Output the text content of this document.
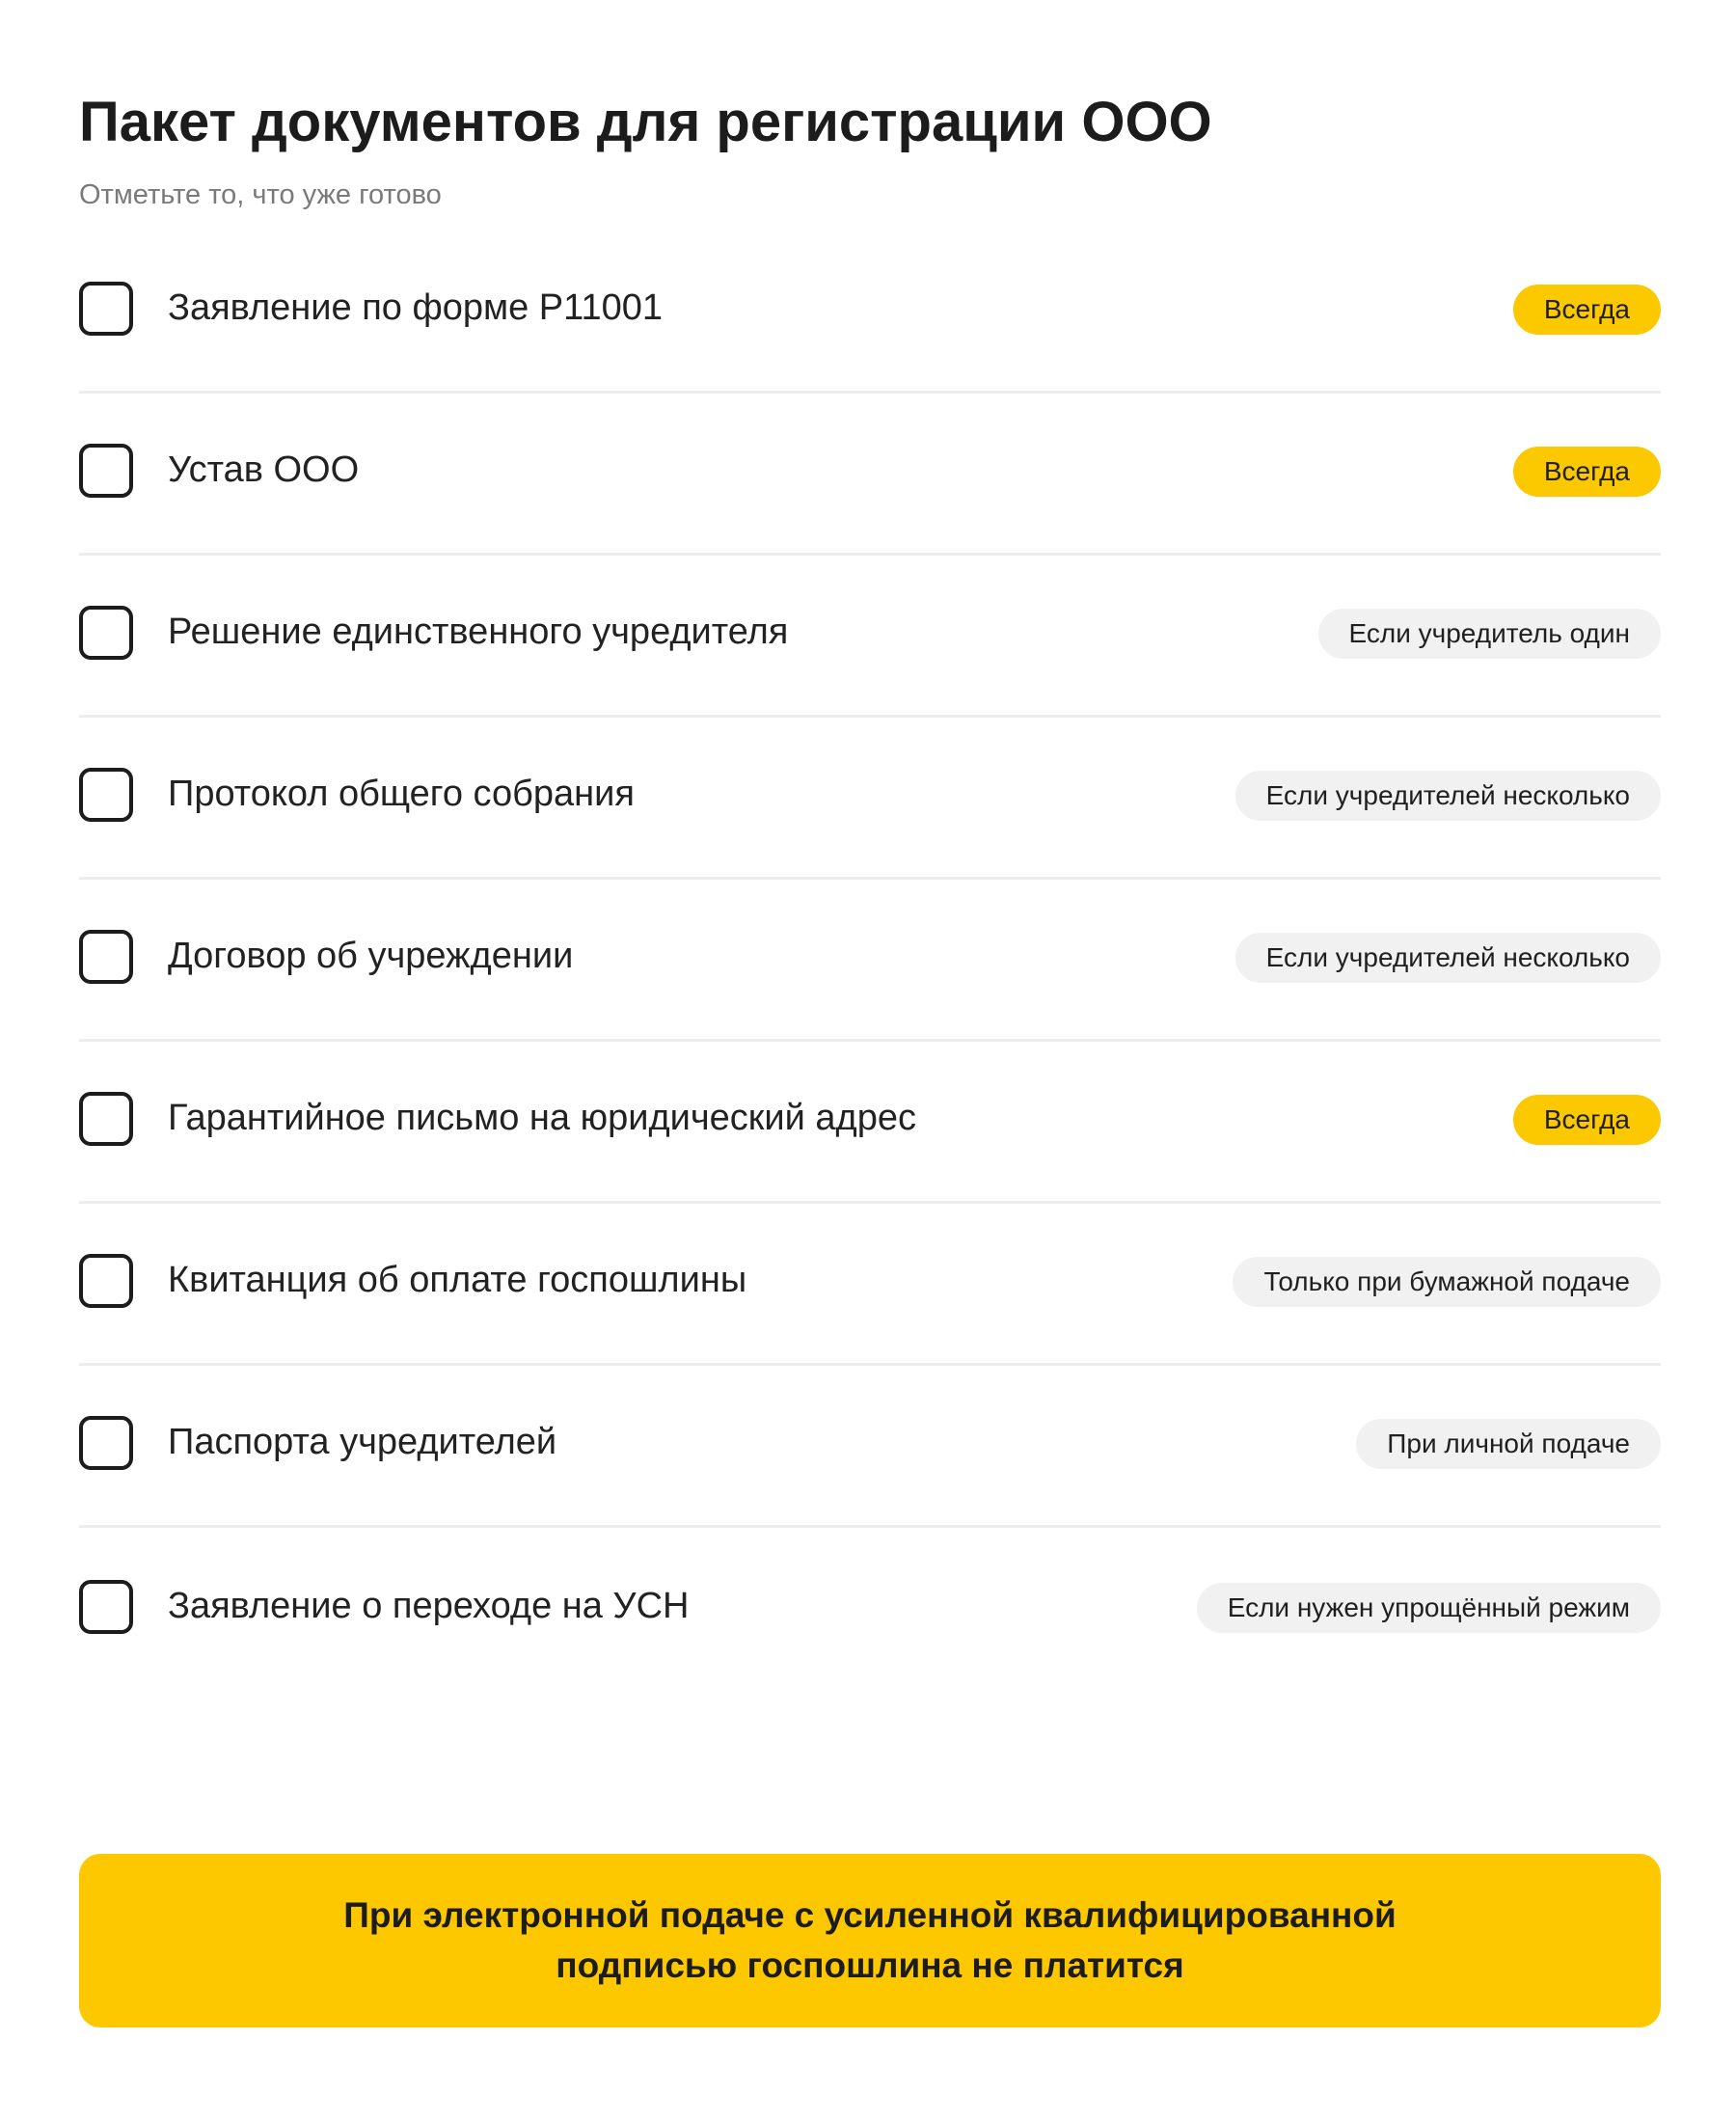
Пакет документов для регистрации ООО

Отметьте то, что уже готово

Заявление по форме Р11001	Всегда
Устав ООО	Всегда
Решение единственного учредителя	Если учредитель один
Протокол общего собрания	Если учредителей несколько
Договор об учреждении	Если учредителей несколько
Гарантийное письмо на юридический адрес	Всегда
Квитанция об оплате госпошлины	Только при бумажной подаче
Паспорта учредителей	При личной подаче
Заявление о переходе на УСН	Если нужен упрощённый режим
При электронной подаче с усиленной квалифицированной
подписью госпошлина не платится
